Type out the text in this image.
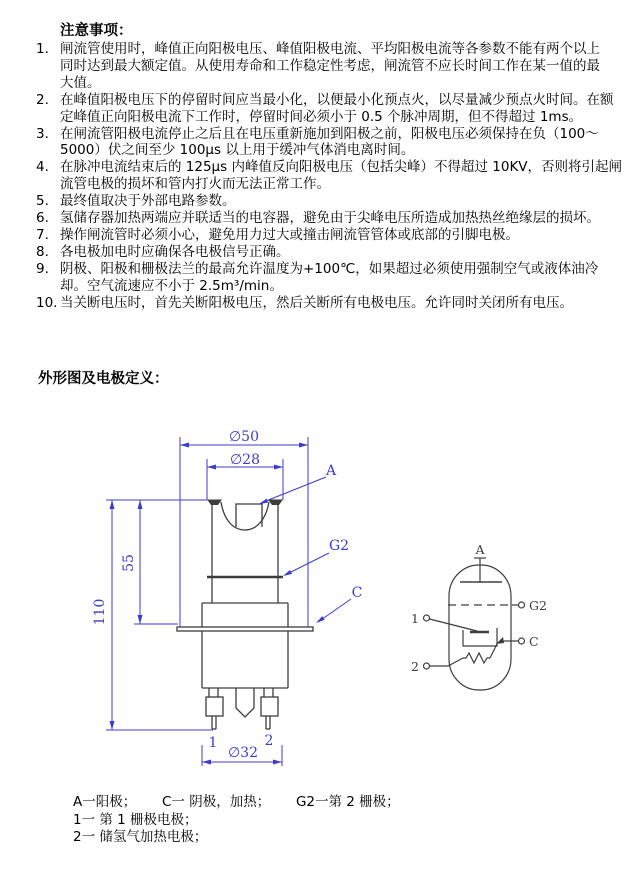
注意事项：
1. 闸流管使用时，峰值正向阳极电压、峰值阳极电流、平均阳极电流等各参数不能有两个以上
同时达到最大额定值。从使用寿命和工作稳定性考虑，闸流管不应长时间工作在某一值的最
大值。
2. 在峰值阳极电压下的停留时间应当最小化，以便最小化预点火，以尽量减少预点火时间。在额
定峰值正向阳极电流下工作时，停留时间必须小于 0.5 个脉冲周期，但不得超过 1ms。
3. 在闸流管阳极电流停止之后且在电压重新施加到阳极之前，阳极电压必须保持在负（100～
5000）伏之间至少 100μs 以上用于缓冲气体消电离时间。
4. 在脉冲电流结束后的 125μs 内峰值反向阳极电压（包括尖峰）不得超过 10KV，否则将引起闸
流管电极的损坏和管内打火而无法正常工作。
5. 最终值取决于外部电路参数。
6. 氢储存器加热两端应并联适当的电容器，避免由于尖峰电压所造成加热热丝绝缘层的损坏。
7. 操作闸流管时必须小心，避免用力过大或撞击闸流管管体或底部的引脚电极。
8. 各电极加电时应确保各电极信号正确。
9. 阴极、阳极和栅极法兰的最高允许温度为+100℃，如果超过必须使用强制空气或液体油冷
却。空气流速应不小于 2.5m³/min。
10. 当关断电压时，首先关断阳极电压，然后关断所有电极电压。允许同时关闭所有电压。
外形图及电极定义：
∅50
∅28
110
55
∅32
A
G2
C
1	2
A
G2
C
1
2
A一阳极；      C一 阴极，加热；      G2一第 2 栅极；
1一 第 1 栅极电极；
2一 储氢气加热电极；
